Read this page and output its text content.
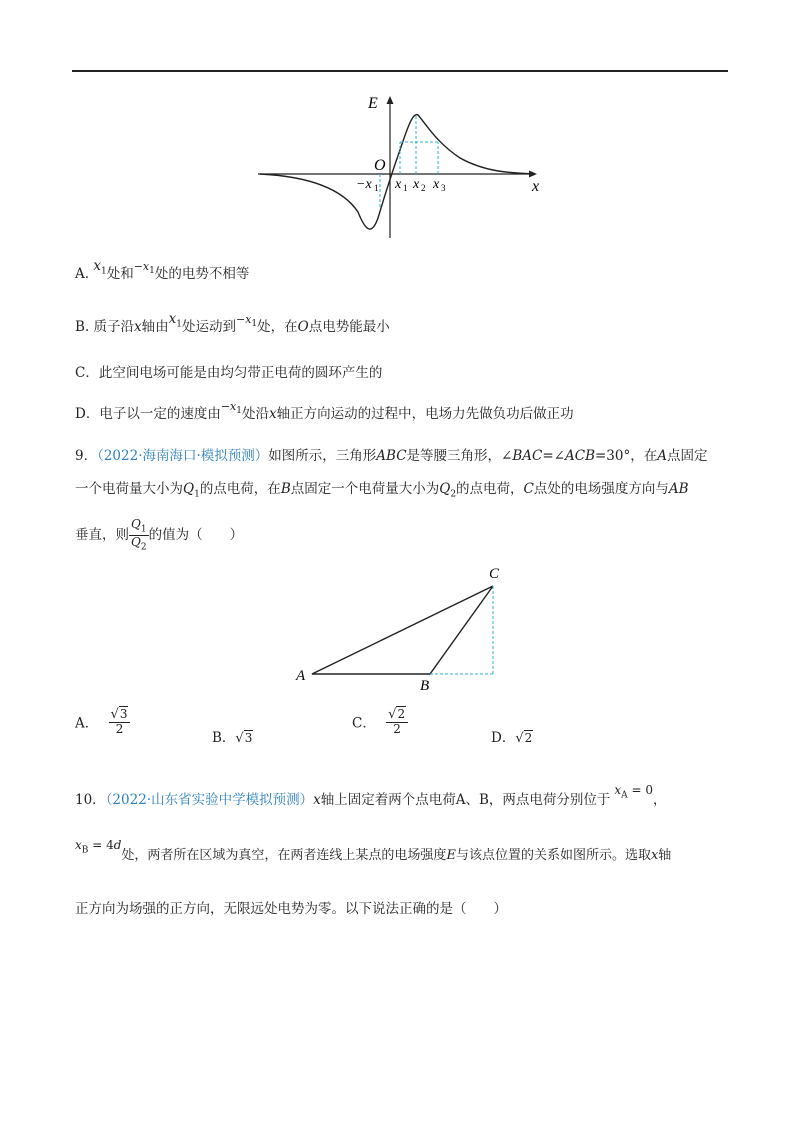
E
O
x
−x 1 x 1 x 2 x 3
A. $x_1$处和$^{-x_1}$处的电势不相等
B. 质子沿x轴由$x_1$处运动到$^{-x_1}$处，在O点电势能最小
C．此空间电场可能是由均匀带正电荷的圆环产生的
D．电子以一定的速度由$^{-x_1}$处沿x轴正方向运动的过程中，电场力先做负功后做正功
9．（2022·海南海口·模拟预测）如图所示，三角形ABC是等腰三角形，∠BAC=∠ACB=30°，在A点固定
一个电荷量大小为$Q_1$的点电荷，在B点固定一个电荷量大小为$Q_2$的点电荷，C点处的电场强度方向与AB
垂直，则 $\frac{Q_1}{Q_2}$ 的值为（　　）
A
B
C
A． $\frac{√3}{2}$
B．√3
C． $\frac{√2}{2}$
D．√2
10．（2022·山东省实验中学模拟预测）x轴上固定着两个点电荷A、B，两点电荷分别位于$x_A = 0$，
$x_B = 4d$处，两者所在区域为真空，在两者连线上某点的电场强度E与该点位置的关系如图所示。选取x轴
正方向为场强的正方向，无限远处电势为零。以下说法正确的是（　　）
